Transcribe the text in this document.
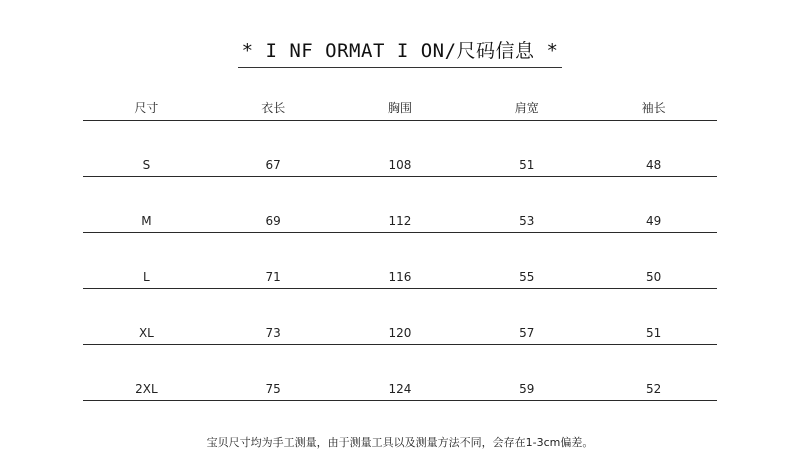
* I NF ORMAT I ON/尺码信息 *
尺寸	衣长	胸围	肩宽	袖长
S	67	108	51	48
M	69	112	53	49
L	71	116	55	50
XL	73	120	57	51
2XL	75	124	59	52
宝贝尺寸均为手工测量，由于测量工具以及测量方法不同，会存在1-3cm偏差。
